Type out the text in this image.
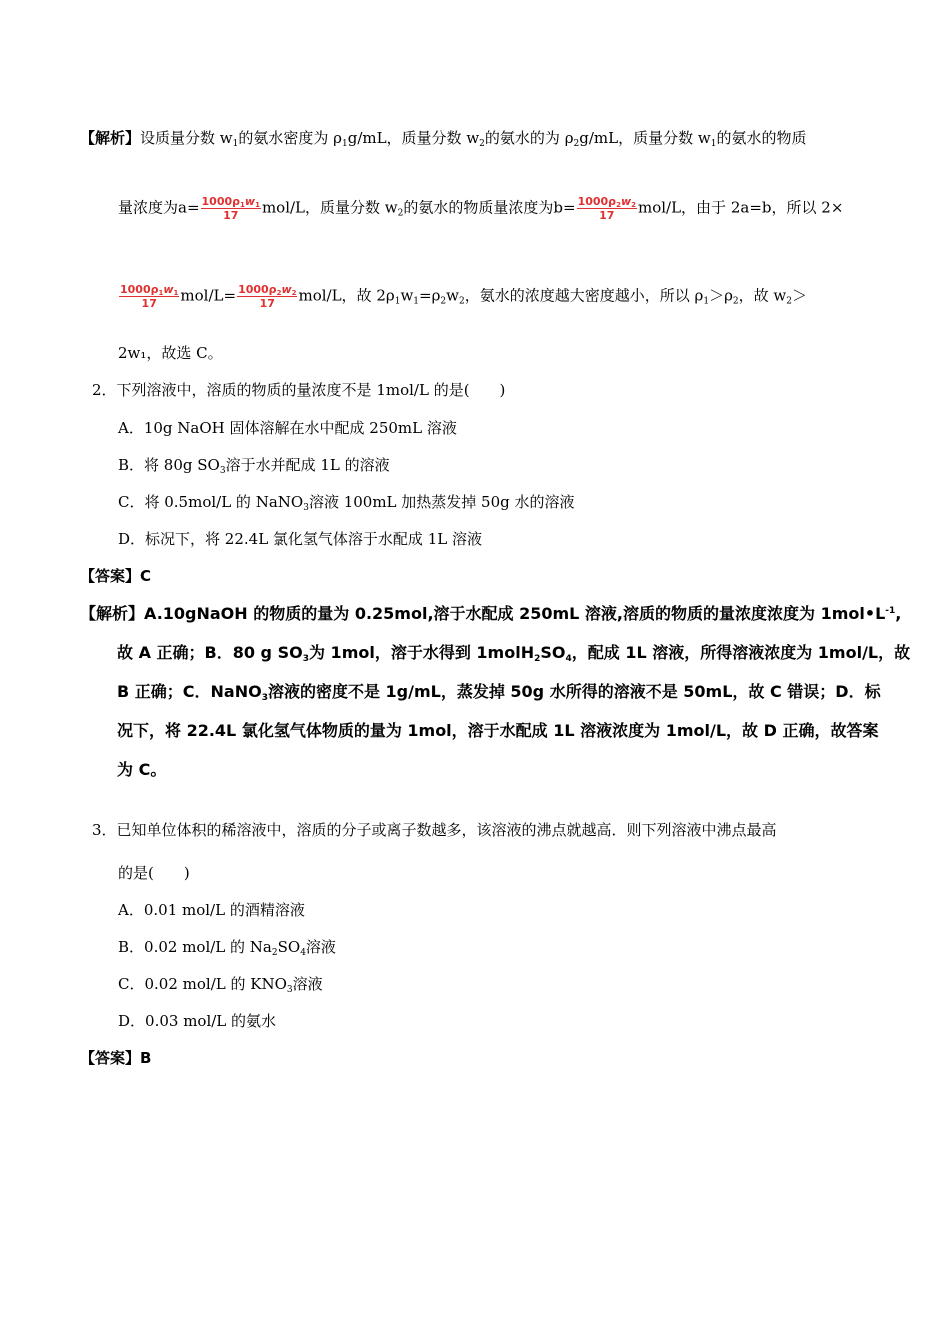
【解析】设质量分数 $w_1$的氨水密度为 $\rho_1g/mL$，质量分数 $w_2$的氨水的为 $\rho_2g/mL$，质量分数 $w_1$的氨水的物质
量浓度为$a= \frac{1000\rho_1w_1}{17} mol/L$，质量分数 $w_2$的氨水的物质量浓度为$b= \frac{1000\rho_2w_2}{17} mol/L$，由于 2a=b，所以 2×
$\frac{1000\rho_1w_1}{17} mol/L= \frac{1000\rho_2w_2}{17} mol/L$，故 $2\rho_1w_1=\rho_2w_2$，氨水的浓度越大密度越小，所以 $\rho_1>\rho_2$，故 $w_2>$
2w₁，故选 C。
2．下列溶液中，溶质的物质的量浓度不是 1mol/L 的是(　　)
A．10g NaOH 固体溶解在水中配成 250mL 溶液
B．将 80g $SO_3$溶于水并配成 1L 的溶液
C．将 0.5mol/L 的 NaNO$_3$溶液 100mL 加热蒸发掉 50g 水的溶液
D．标况下，将 22.4L 氯化氢气体溶于水配成 1L 溶液
【答案】C
【解析】A.10gNaOH 的物质的量为 0.25mol,溶于水配成 250mL 溶液,溶质的物质的量浓度浓度为 $1mol•L^{-1}$,
故 A 正确；B．80 g $SO_3$为 1mol，溶于水得到 $1molH_2SO_4$，配成 1L 溶液，所得溶液浓度为 1mol/L，故
B 正确；C．NaNO$_3$溶液的密度不是 1g/mL，蒸发掉 50g 水所得的溶液不是 50mL，故 C 错误；D．标
况下，将 22.4L 氯化氢气体物质的量为 1mol，溶于水配成 1L 溶液浓度为 1mol/L，故 D 正确，故答案
为 C。
3．已知单位体积的稀溶液中，溶质的分子或离子数越多，该溶液的沸点就越高．则下列溶液中沸点最高
的是(　　)
A．0.01 mol/L 的酒精溶液
B．0.02 mol/L 的 $Na_2SO_4$溶液
C．0.02 mol/L 的 $KNO_3$溶液
D．0.03 mol/L 的氨水
【答案】B
